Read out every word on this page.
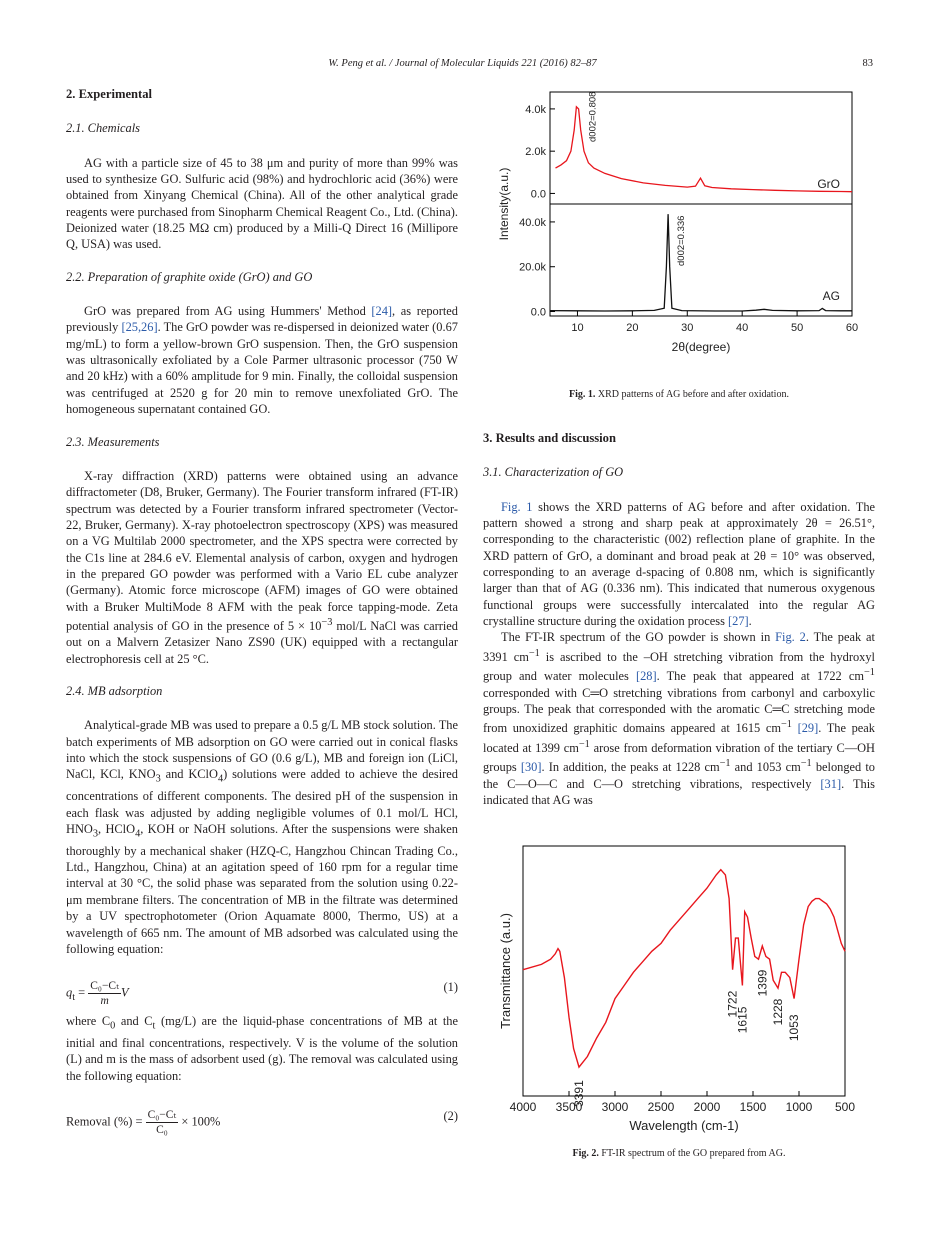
W. Peng et al. / Journal of Molecular Liquids 221 (2016) 82–87	83
2. Experimental
2.1. Chemicals

AG with a particle size of 45 to 38 μm and purity of more than 99% was used to synthesize GO. Sulfuric acid (98%) and hydrochloric acid (36%) were obtained from Xinyang Chemical (China). All of the other analytical grade reagents were purchased from Sinopharm Chemical Reagent Co., Ltd. (China). Deionized water (18.25 MΩ cm) produced by a Milli-Q Direct 16 (Millipore Q, USA) was used.

2.2. Preparation of graphite oxide (GrO) and GO

GrO was prepared from AG using Hummers' Method [24], as reported previously [25,26]. The GrO powder was re-dispersed in deionized water (0.67 mg/mL) to form a yellow-brown GrO suspension. Then, the GrO suspension was ultrasonically exfoliated by a Cole Parmer ultrasonic processor (750 W and 20 kHz) with a 60% amplitude for 9 min. Finally, the colloidal suspension was centrifuged at 2520 g for 20 min to remove unexfoliated GrO. The homogeneous supernatant contained GO.

2.3. Measurements

X-ray diffraction (XRD) patterns were obtained using an advance diffractometer (D8, Bruker, Germany). The Fourier transform infrared (FT-IR) spectrum was detected by a Fourier transform infrared spectrometer (Vector-22, Bruker, Germany). X-ray photoelectron spectroscopy (XPS) was measured on a VG Multilab 2000 spectrometer, and the XPS spectra were corrected by the C1s line at 284.6 eV. Elemental analysis of carbon, oxygen and hydrogen in the prepared GO powder was performed with a Vario EL cube analyzer (Germany). Atomic force microscope (AFM) images of GO were obtained with a Bruker MultiMode 8 AFM with the peak force tapping-mode. Zeta potential analysis of GO in the presence of $5 \times 10^{-3}$ mol/L NaCl was carried out on a Malvern Zetasizer Nano ZS90 (UK) equipped with a rectangular electrophoresis cell at 25 °C.

2.4. MB adsorption

Analytical-grade MB was used to prepare a 0.5 g/L MB stock solution. The batch experiments of MB adsorption on GO were carried out in conical flasks into which the stock suspensions of GO (0.6 g/L), MB and foreign ion (LiCl, NaCl, KCl, $KNO_3$ and KClO$_4$) solutions were added to achieve the desired concentrations of different components. The desired pH of the suspension in each flask was adjusted by adding negligible volumes of 0.1 mol/L HCl, $HNO_3$, HClO$_4$, KOH or NaOH solutions. After the suspensions were shaken thoroughly by a mechanical shaker (HZQ-C, Hangzhou Chincan Trading Co., Ltd., Hangzhou, China) at an agitation speed of 160 rpm for a regular time interval at 30 °C, the solid phase was separated from the solution using 0.22-μm membrane filters. The concentration of MB in the filtrate was determined by a UV spectrophotometer (Orion Aquamate 8000, Thermo, US) at a wavelength of 665 nm. The amount of MB adsorbed was calculated using the following equation:

$q_t = \frac{\text{C₀−Cₜ}}{m}$ V	(1)

where $C_0$ and $C_t$ (mg/L) are the liquid-phase concentrations of MB at the initial and final concentrations, respectively. V is the volume of the solution (L) and m is the mass of adsorbent used (g). The removal was calculated using the following equation:

Removal (%) = $\frac{\text{C₀−Cₜ}}{\text{C₀}} \times 100\%$	(2)
0.0
2.0k
4.0k
GrO
0.0
20.0k
40.0k
AG
d002=0.808
d002=0.336
10	20	30	40	50	60
2θ(degree)
Intensity(a.u.)
Fig. 1. XRD patterns of AG before and after oxidation.
3. Results and discussion
3.1. Characterization of GO

Fig. 1 shows the XRD patterns of AG before and after oxidation. The pattern showed a strong and sharp peak at approximately 2θ = 26.51°, corresponding to the characteristic (002) reflection plane of graphite. In the XRD pattern of GrO, a dominant and broad peak at 2θ = 10° was observed, corresponding to an average d-spacing of 0.808 nm, which is significantly larger than that of AG (0.336 nm). This indicated that numerous oxygenous functional groups were successfully intercalated into the regular AG crystalline structure during the oxidation process [27].

The FT-IR spectrum of the GO powder is shown in Fig. 2. The peak at 3391 $cm^{-1}$ is ascribed to the –OH stretching vibration from the hydroxyl group and water molecules [28]. The peak that appeared at 1722 $cm^{-1}$ corresponded with C═O stretching vibrations from carbonyl and carboxylic groups. The peak that corresponded with the aromatic C═C stretching mode from unoxidized graphitic domains appeared at 1615 $cm^{-1}$ [29]. The peak located at 1399 $cm^{-1}$ arose from deformation vibration of the tertiary C—OH groups [30]. In addition, the peaks at 1228 $cm^{-1}$ and 1053 $cm^{-1}$ belonged to the C—O—C and C—O stretching vibrations, respectively [31]. This indicated that AG was

4000 3500 3000 2500 2000 1500 1000 500
3391
1722
1615
1399
1228
1053
Wavelength (cm-1)
Transmittance (a.u.)
Fig. 2. FT-IR spectrum of the GO prepared from AG.
